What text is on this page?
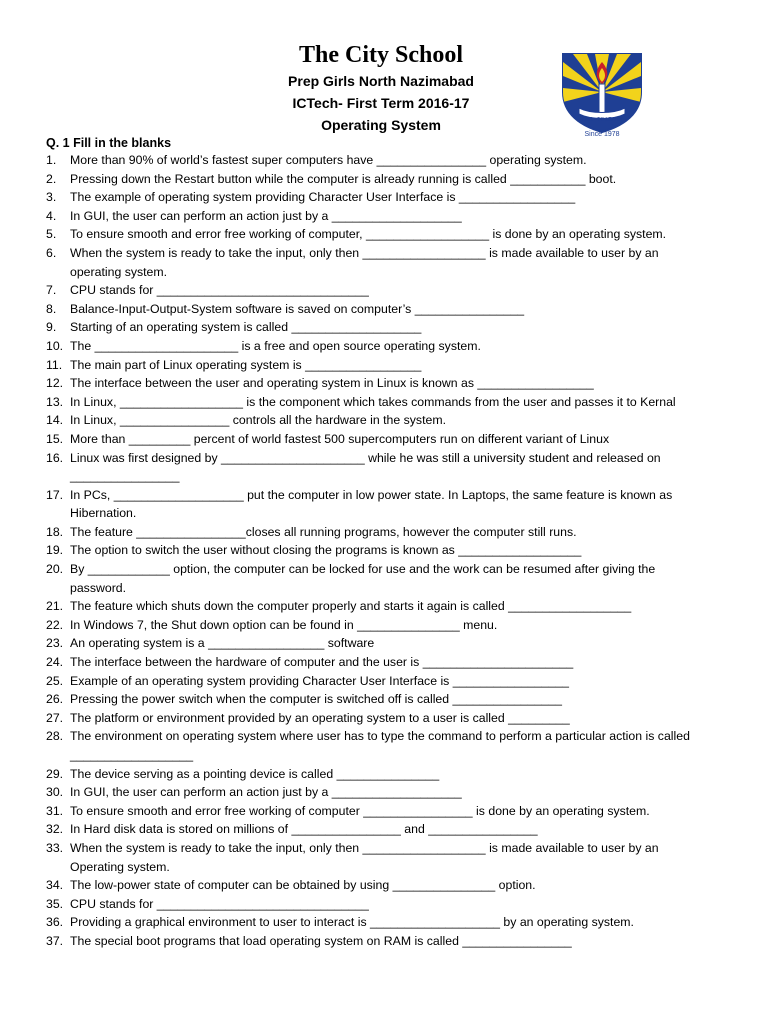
The City School
Prep Girls North Nazimabad
ICTech- First Term 2016-17
Operating System	FAIR · TO LEARN
Since 1978
Q. 1 Fill in the blanks
1. More than 90% of world’s fastest super computers have ________________ operating system.
2. Pressing down the Restart button while the computer is already running is called ___________ boot.
3. The example of operating system providing Character User Interface is _________________
4. In GUI, the user can perform an action just by a ___________________
5. To ensure smooth and error free working of computer, __________________ is done by an operating system.
6. When the system is ready to take the input, only then __________________ is made available to user by an operating system.
7. CPU stands for _______________________________
8. Balance-Input-Output-System software is saved on computer’s ________________
9. Starting of an operating system is called ___________________
10. The _____________________ is a free and open source operating system.
11. The main part of Linux operating system is _________________
12. The interface between the user and operating system in Linux is known as _________________
13. In Linux, __________________ is the component which takes commands from the user and passes it to Kernal
14. In Linux, ________________ controls all the hardware in the system.
15. More than _________ percent of world fastest 500 supercomputers run on different variant of Linux
16. Linux was first designed by _____________________ while he was still a university student and released on ________________
17. In PCs, ___________________ put the computer in low power state. In Laptops, the same feature is known as Hibernation.
18. The feature ________________closes all running programs, however the computer still runs.
19. The option to switch the user without closing the programs is known as __________________
20. By ____________ option, the computer can be locked for use and the work can be resumed after giving the password.
21. The feature which shuts down the computer properly and starts it again is called __________________
22. In Windows 7, the Shut down option can be found in _______________ menu.
23. An operating system is a _________________ software
24. The interface between the hardware of computer and the user is ______________________
25. Example of an operating system providing Character User Interface is _________________
26. Pressing the power switch when the computer is switched off is called ________________
27. The platform or environment provided by an operating system to a user is called _________
28. The environment on operating system where user has to type the command to perform a particular action is called __________________
29. The device serving as a pointing device is called _______________
30. In GUI, the user can perform an action just by a ___________________
31. To ensure smooth and error free working of computer ________________ is done by an operating system.
32. In Hard disk data is stored on millions of ________________ and ________________
33. When the system is ready to take the input, only then __________________ is made available to user by an Operating system.
34. The low-power state of computer can be obtained by using _______________ option.
35. CPU stands for _______________________________
36. Providing a graphical environment to user to interact is ___________________ by an operating system.
37. The special boot programs that load operating system on RAM is called ________________
